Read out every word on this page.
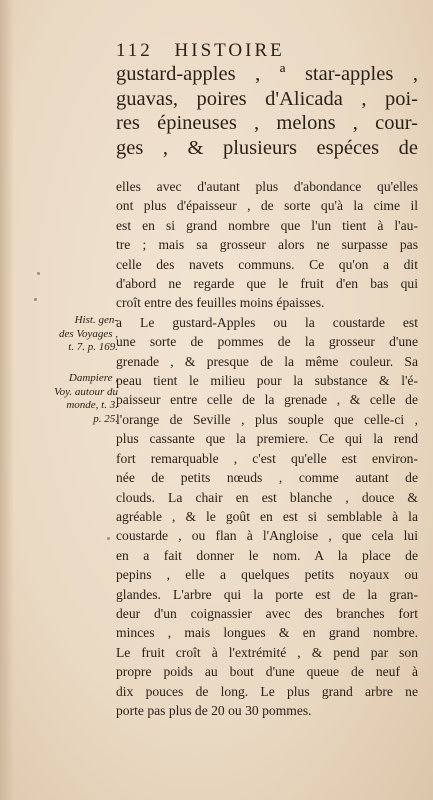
112 HISTOIRE
gustard-apples , ª star-apples ,
guavas, poires d'Alicada , poi-
res épineuses , melons , cour-
ges , & plusieurs espéces de
elles avec d'autant plus d'abondance qu'elles
ont plus d'épaisseur , de sorte qu'à la cime il
est en si grand nombre que l'un tient à l'au-
tre ; mais sa grosseur alors ne surpasse pas
celle des navets communs. Ce qu'on a dit
d'abord ne regarde que le fruit d'en bas qui
croît entre des feuilles moins épaisses.
a Le gustard-Apples ou la coustarde est
une sorte de pommes de la grosseur d'une
grenade , & presque de la même couleur. Sa
peau tient le milieu pour la substance & l'é-
paisseur entre celle de la grenade , & celle de
l'orange de Seville , plus souple que celle-ci ,
plus cassante que la premiere. Ce qui la rend
fort remarquable , c'est qu'elle est environ-
née de petits nœuds , comme autant de
clouds. La chair en est blanche , douce &
agréable , & le goût en est si semblable à la
coustarde , ou flan à l'Angloise , que cela lui
en a fait donner le nom. A la place de
pepins , elle a quelques petits noyaux ou
glandes. L'arbre qui la porte est de la gran-
deur d'un coignassier avec des branches fort
minces , mais longues & en grand nombre.
Le fruit croît à l'extrémité , & pend par son
propre poids au bout d'une queue de neuf à
dix pouces de long. Le plus grand arbre ne
porte pas plus de 20 ou 30 pommes.
Hist. gen-
des Voyages ,
t. 7. p. 169.
Dampiere ,
Voy. autour du
monde, t. 3.
p. 25.
